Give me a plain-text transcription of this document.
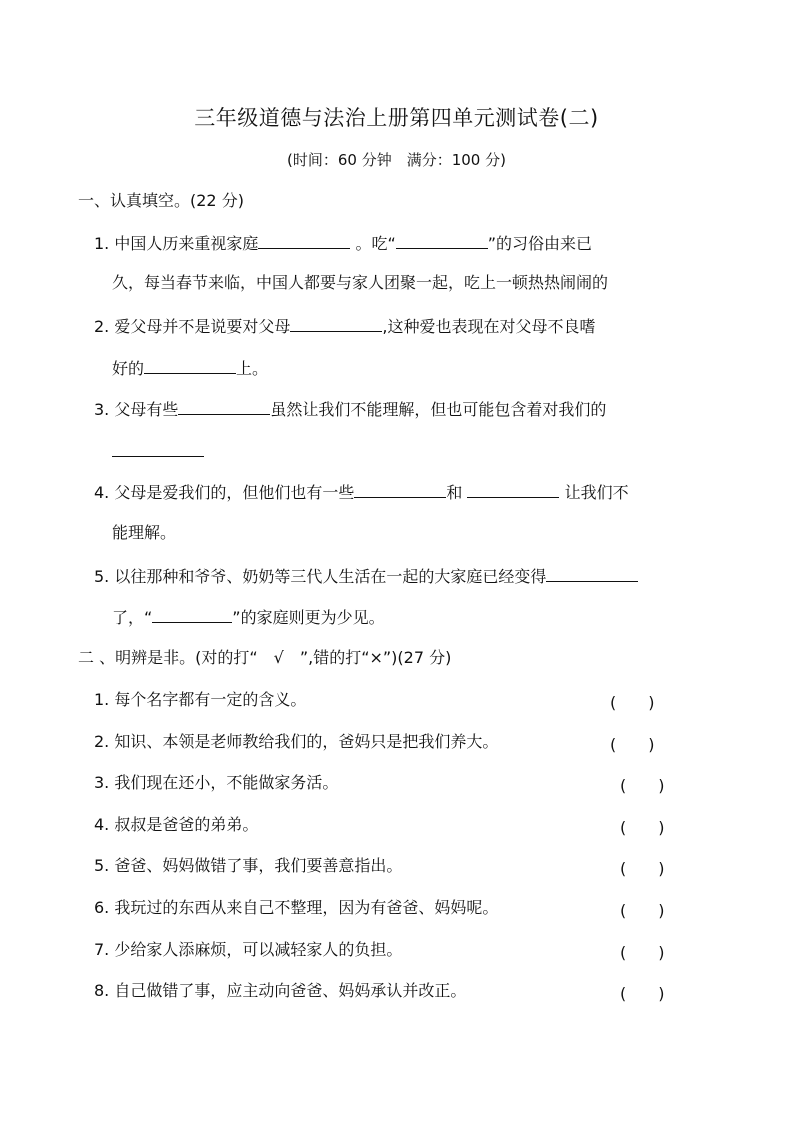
三年级道德与法治上册第四单元测试卷(二)
(时间：60 分钟　满分：100 分)
一、认真填空。(22 分)
1. 中国人历来重视家庭	。吃“	”的习俗由来已
久，每当春节来临，中国人都要与家人团聚一起，吃上一顿热热闹闹的
2. 爱父母并不是说要对父母	,这种爱也表现在对父母不良嗜
好的	上。
3. 父母有些	虽然让我们不能理解，但也可能包含着对我们的
4. 父母是爱我们的，但他们也有一些	和	让我们不
能理解。
5. 以往那种和爷爷、奶奶等三代人生活在一起的大家庭已经变得
了，“	”的家庭则更为少见。
二 、明辨是非。(对的打“　√　”,错的打“×”)(27 分)
1. 每个名字都有一定的含义。	(　　)
2. 知识、本领是老师教给我们的，爸妈只是把我们养大。	(　　)
3. 我们现在还小，不能做家务活。	(　　)
4. 叔叔是爸爸的弟弟。	(　　)
5. 爸爸、妈妈做错了事，我们要善意指出。	(　　)
6. 我玩过的东西从来自己不整理，因为有爸爸、妈妈呢。	(　　)
7. 少给家人添麻烦，可以减轻家人的负担。	(　　)
8. 自己做错了事，应主动向爸爸、妈妈承认并改正。	(　　)
